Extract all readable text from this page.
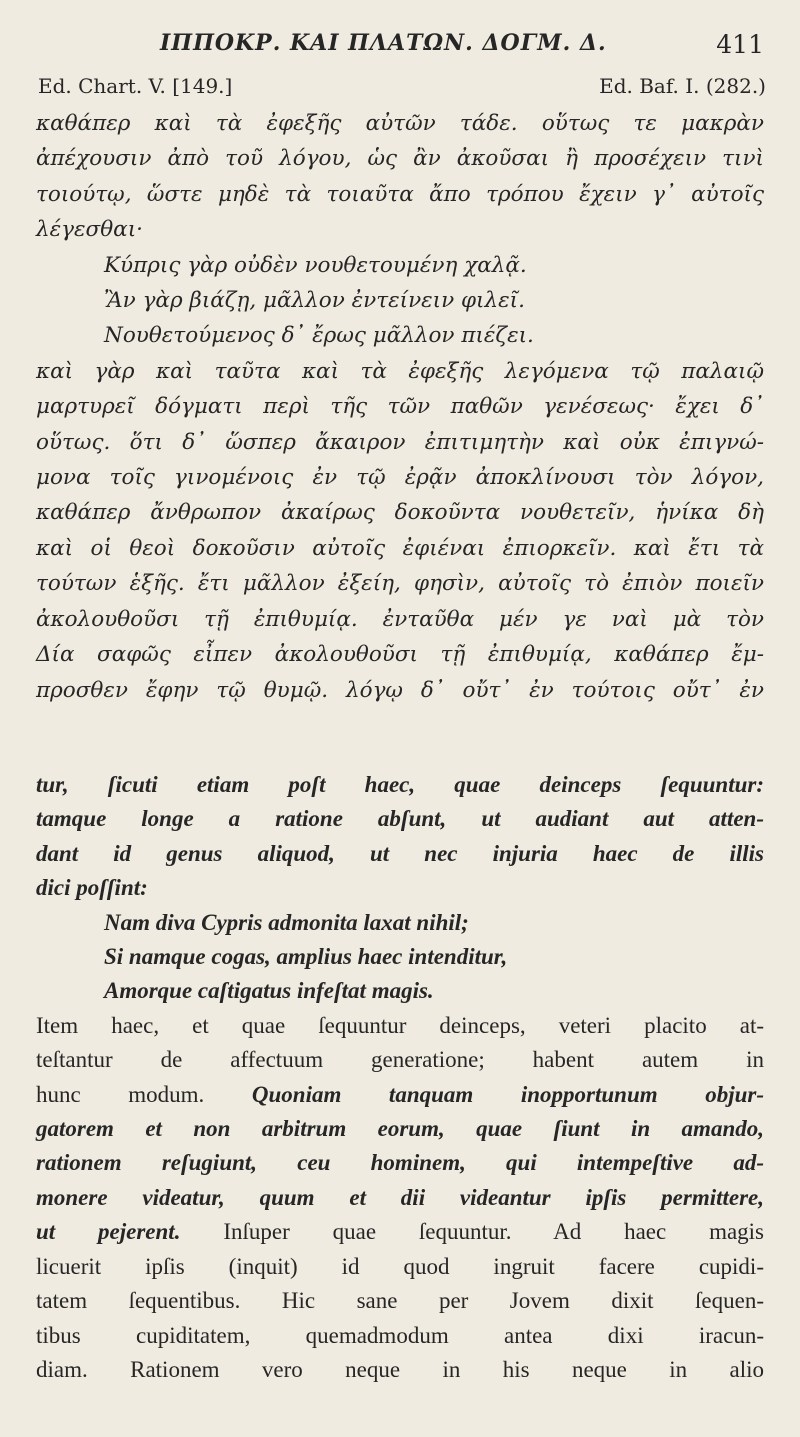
ΙΠΠΟΚΡ. ΚΑΙ ΠΛΑΤΩΝ. ΔΟΓΜ. Δ.	411
Ed. Chart. V. [149.]	Ed. Baf. I. (282.)
καθάπερ καὶ τὰ ἐφεξῆς αὐτῶν τάδε. οὕτως τε μακρὰν
ἀπέχουσιν ἀπὸ τοῦ λόγου, ὡς ἂν ἀκοῦσαι ἢ προσέχειν τινὶ
τοιούτῳ, ὥστε μηδὲ τὰ τοιαῦτα ἄπο τρόπου ἔχειν γ᾽ αὐτοῖς
λέγεσθαι·
Κύπρις γὰρ οὐδὲν νουθετουμένη χαλᾷ.
Ἂν γὰρ βιάζῃ, μᾶλλον ἐντείνειν φιλεῖ.
Νουθετούμενος δ᾽ ἔρως μᾶλλον πιέζει.
καὶ γὰρ καὶ ταῦτα καὶ τὰ ἐφεξῆς λεγόμενα τῷ παλαιῷ
μαρτυρεῖ δόγματι περὶ τῆς τῶν παθῶν γενέσεως· ἔχει δ᾽
οὕτως. ὅτι δ᾽ ὥσπερ ἄκαιρον ἐπιτιμητὴν καὶ οὐκ ἐπιγνώ-
μονα τοῖς γινομένοις ἐν τῷ ἐρᾷν ἀποκλίνουσι τὸν λόγον,
καθάπερ ἄνθρωπον ἀκαίρως δοκοῦντα νουθετεῖν, ἡνίκα δὴ
καὶ οἱ θεοὶ δοκοῦσιν αὐτοῖς ἐφιέναι ἐπιορκεῖν. καὶ ἔτι τὰ
τούτων ἑξῆς. ἔτι μᾶλλον ἐξείη, φησὶν, αὐτοῖς τὸ ἐπιὸν ποιεῖν
ἀκολουθοῦσι τῇ ἐπιθυμίᾳ. ἐνταῦθα μέν γε ναὶ μὰ τὸν
Δία σαφῶς εἶπεν ἀκολουθοῦσι τῇ ἐπιθυμίᾳ, καθάπερ ἔμ-
προσθεν ἔφην τῷ θυμῷ. λόγῳ δ᾽ οὔτ᾽ ἐν τούτοις οὔτ᾽ ἐν
tur, ſicuti etiam poſt haec, quae deinceps ſequuntur:
tamque longe a ratione abſunt, ut audiant aut atten-
dant id genus aliquod, ut nec injuria haec de illis
dici poſſint:
Nam diva Cypris admonita laxat nihil;
Si namque cogas, amplius haec intenditur,
Amorque caſtigatus infeſtat magis.
Item haec, et quae ſequuntur deinceps, veteri placito at-
teſtantur de affectuum generatione; habent autem in
hunc modum. Quoniam tanquam inopportunum objur-
gatorem et non arbitrum eorum, quae ſiunt in amando,
rationem reſugiunt, ceu hominem, qui intempeſtive ad-
monere videatur, quum et dii videantur ipſis permittere,
ut pejerent. Inſuper quae ſequuntur. Ad haec magis
licuerit ipſis (inquit) id quod ingruit facere cupidi-
tatem ſequentibus. Hic sane per Jovem dixit ſequen-
tibus cupiditatem, quemadmodum antea dixi iracun-
diam. Rationem vero neque in his neque in alio
